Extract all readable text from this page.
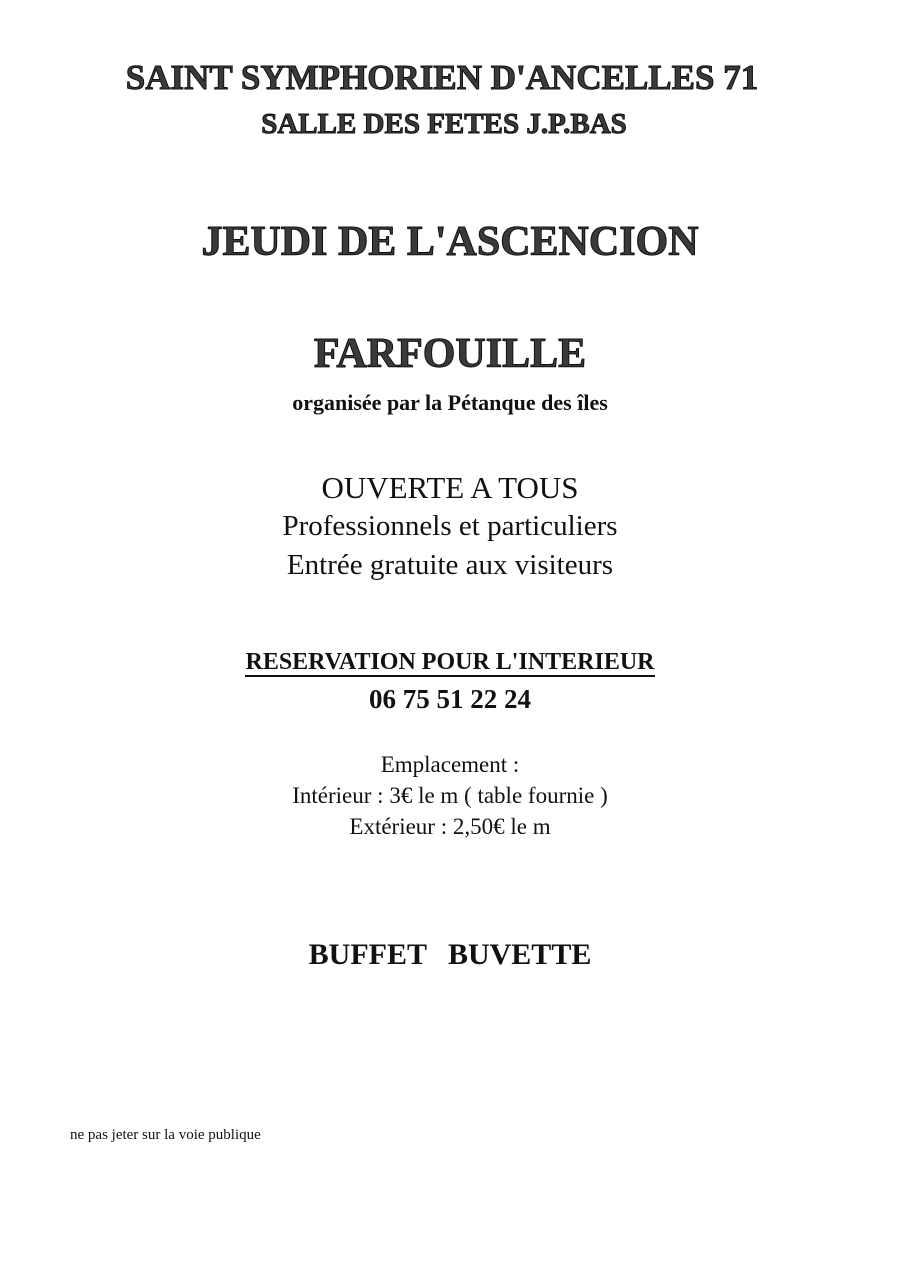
SAINT SYMPHORIEN D'ANCELLES 71
SALLE DES FETES J.P.BAS
JEUDI DE L'ASCENCION
FARFOUILLE

organisée par la Pétanque des îles

OUVERTE A TOUS

Professionnels et particuliers

Entrée gratuite aux visiteurs

RESERVATION POUR L'INTERIEUR

06 75 51 22 24

Emplacement :

Intérieur : 3€ le m ( table fournie )

Extérieur : 2,50€ le m

BUFFET BUVETTE

ne pas jeter sur la voie publique
